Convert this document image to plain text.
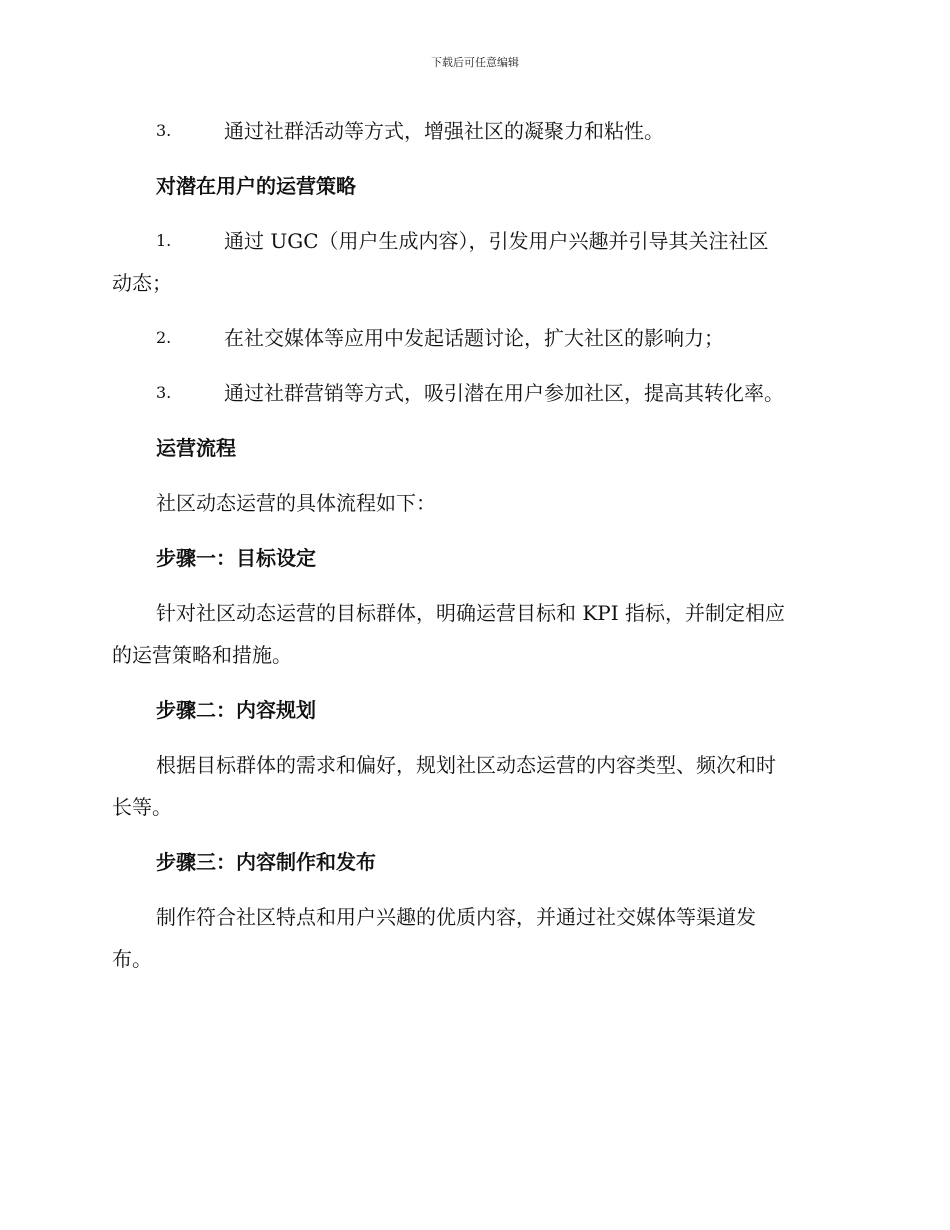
下载后可任意编辑
3.	通过社群活动等方式，增强社区的凝聚力和粘性。
对潜在用户的运营策略
1.	通过 UGC（用户生成内容），引发用户兴趣并引导其关注社区
动态；
2.	在社交媒体等应用中发起话题讨论，扩大社区的影响力；
3.	通过社群营销等方式，吸引潜在用户参加社区，提高其转化率。
运营流程
社区动态运营的具体流程如下：
步骤一：目标设定
针对社区动态运营的目标群体，明确运营目标和 KPI 指标，并制定相应
的运营策略和措施。
步骤二：内容规划
根据目标群体的需求和偏好，规划社区动态运营的内容类型、频次和时
长等。
步骤三：内容制作和发布
制作符合社区特点和用户兴趣的优质内容，并通过社交媒体等渠道发
布。
